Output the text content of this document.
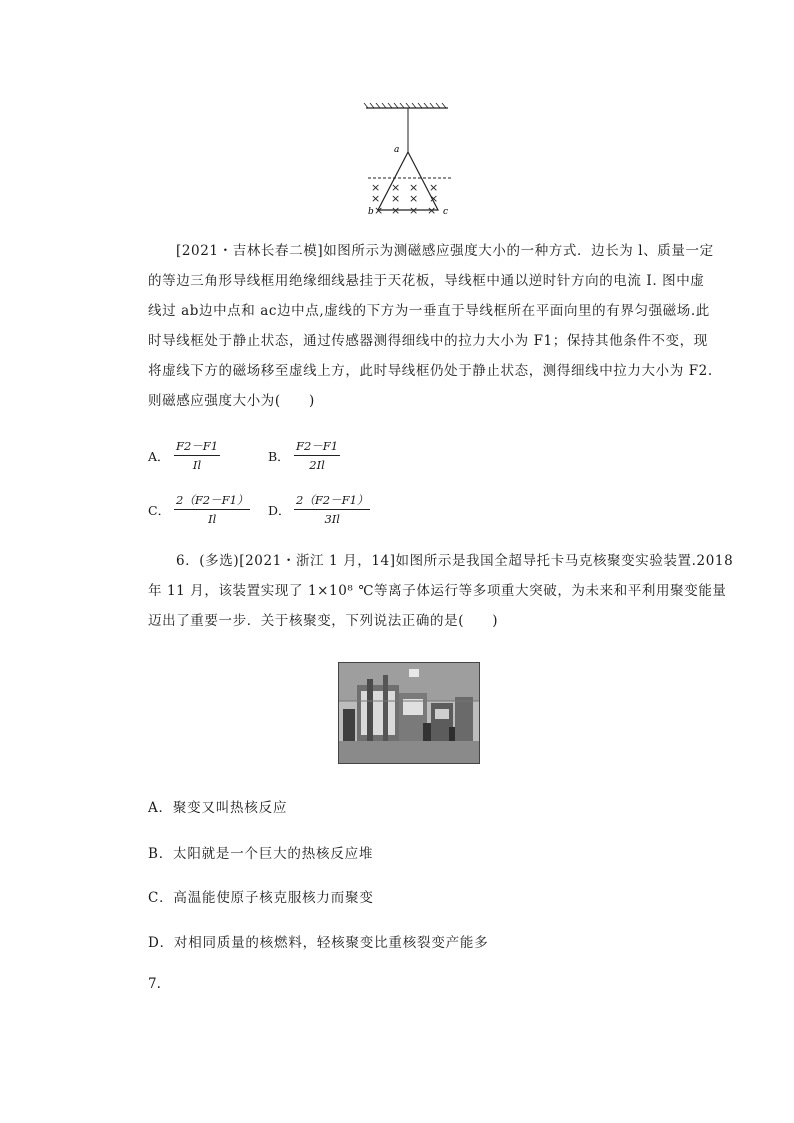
a
b	c
× × × ×
× × × ×
× × × ×
[2021・吉林长春二模]如图所示为测磁感应强度大小的一种方式．边长为 l、质量一定
的等边三角形导线框用绝缘细线悬挂于天花板，导线框中通以逆时针方向的电流 I. 图中虚
线过 ab边中点和 ac边中点,虚线的下方为一垂直于导线框所在平面向里的有界匀强磁场.此
时导线框处于静止状态，通过传感器测得细线中的拉力大小为 F1；保持其他条件不变，现
将虚线下方的磁场移至虚线上方，此时导线框仍处于静止状态，测得细线中拉力大小为 F2.
则磁感应强度大小为(　　)
A． $\frac{F2-F1}{Il}$	B． $\frac{F2-F1}{2Il}$
C． $\frac{2(F2-F1)}{Il}$ D． $\frac{2(F2-F1)}{3Il}$
6．(多选)[2021・浙江 1 月，14]如图所示是我国全超导托卡马克核聚变实验装置.2018
年 11 月，该装置实现了 1×10⁸ ℃等离子体运行等多项重大突破，为未来和平利用聚变能量
迈出了重要一步．关于核聚变，下列说法正确的是(　　)
A．聚变又叫热核反应
B．太阳就是一个巨大的热核反应堆
C．高温能使原子核克服核力而聚变
D．对相同质量的核燃料，轻核聚变比重核裂变产能多
7.
